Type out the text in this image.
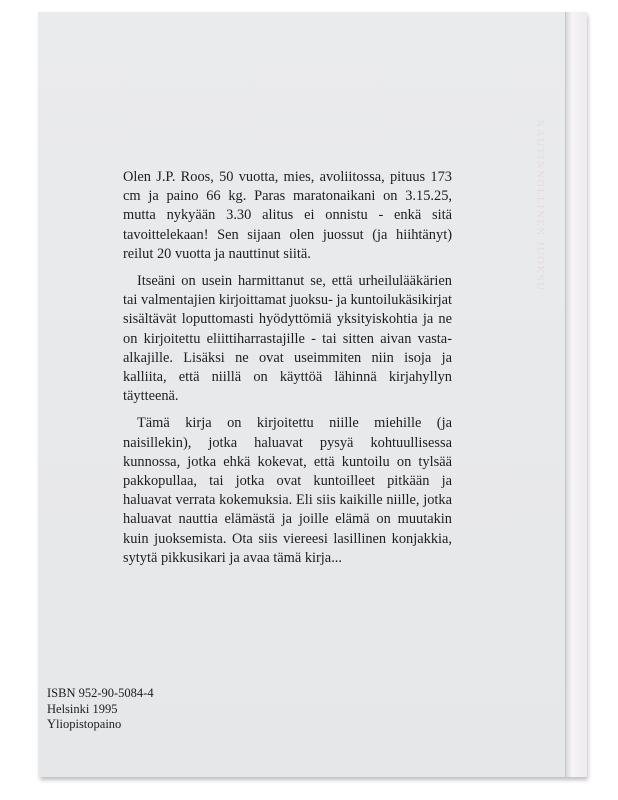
NAUTINNOLLINEN JUOKSU

Olen J.P. Roos, 50 vuotta, mies, avoliitossa, pituus 173 cm ja paino 66 kg. Paras maratonaikani on 3.15.25, mutta nykyään 3.30 alitus ei onnistu - enkä sitä tavoittelekaan! Sen sijaan olen juossut (ja hiihtänyt) reilut 20 vuotta ja nauttinut siitä.

Itseäni on usein harmittanut se, että urheilulääkärien tai valmentajien kirjoittamat juoksu- ja kuntoilukäsikirjat sisältävät loputtomasti hyödyttömiä yksityiskohtia ja ne on kirjoitettu eliittiharrastajille - tai sitten aivan vasta-alkajille. Lisäksi ne ovat useimmiten niin isoja ja kalliita, että niillä on käyttöä lähinnä kirjahyllyn täytteenä.

Tämä kirja on kirjoitettu niille miehille (ja naisillekin), jotka haluavat pysyä kohtuullisessa kunnossa, jotka ehkä kokevat, että kuntoilu on tylsää pakkopullaa, tai jotka ovat kuntoilleet pitkään ja haluavat verrata kokemuksia. Eli siis kaikille niille, jotka haluavat nauttia elämästä ja joille elämä on muutakin kuin juoksemista. Ota siis viereesi lasillinen konjakkia, sytytä pikkusikari ja avaa tämä kirja...

ISBN 952-90-5084-4
Helsinki 1995
Yliopistopaino
